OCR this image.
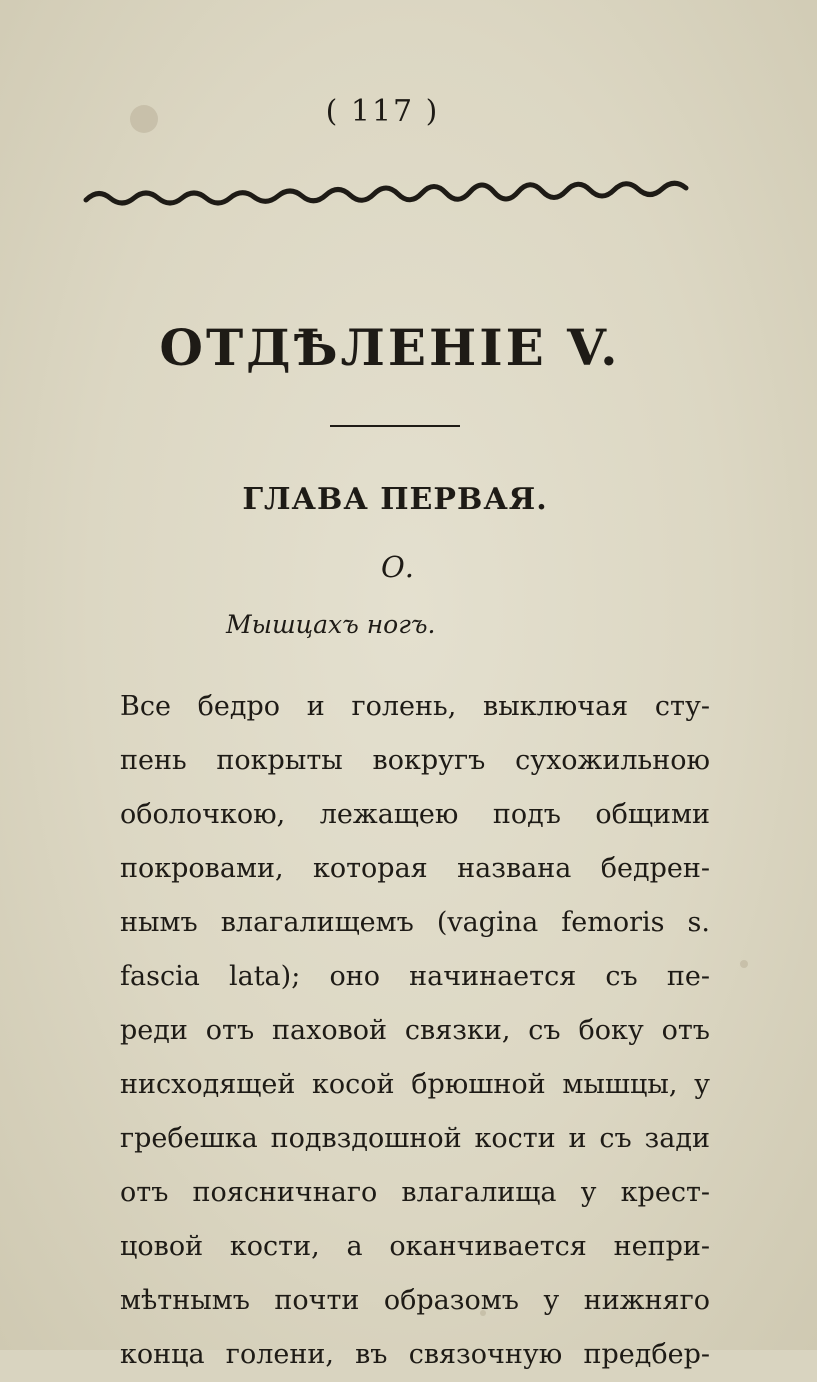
( 117 )
ОТДѢЛЕНІЕ V.
ГЛАВА ПЕРВАЯ.
О.
Мышцахъ ногъ.
Все бедро и голень, выключая сту-
пень покрыты вокругъ сухожильною
оболочкою, лежащею подъ общими
покровами, которая названа бедрен-
нымъ влагалищемъ (vagina femoris s.
fascia lata); оно начинается съ пе-
реди отъ паховой связки, съ боку отъ
нисходящей косой брюшной мышцы, у
гребешка подвздошной кости и съ зади
отъ поясничнаго влагалища у крест-
цовой кости, а оканчивается непри-
мѣтнымъ почти образомъ у нижняго
конца голени, въ связочную предбер-
